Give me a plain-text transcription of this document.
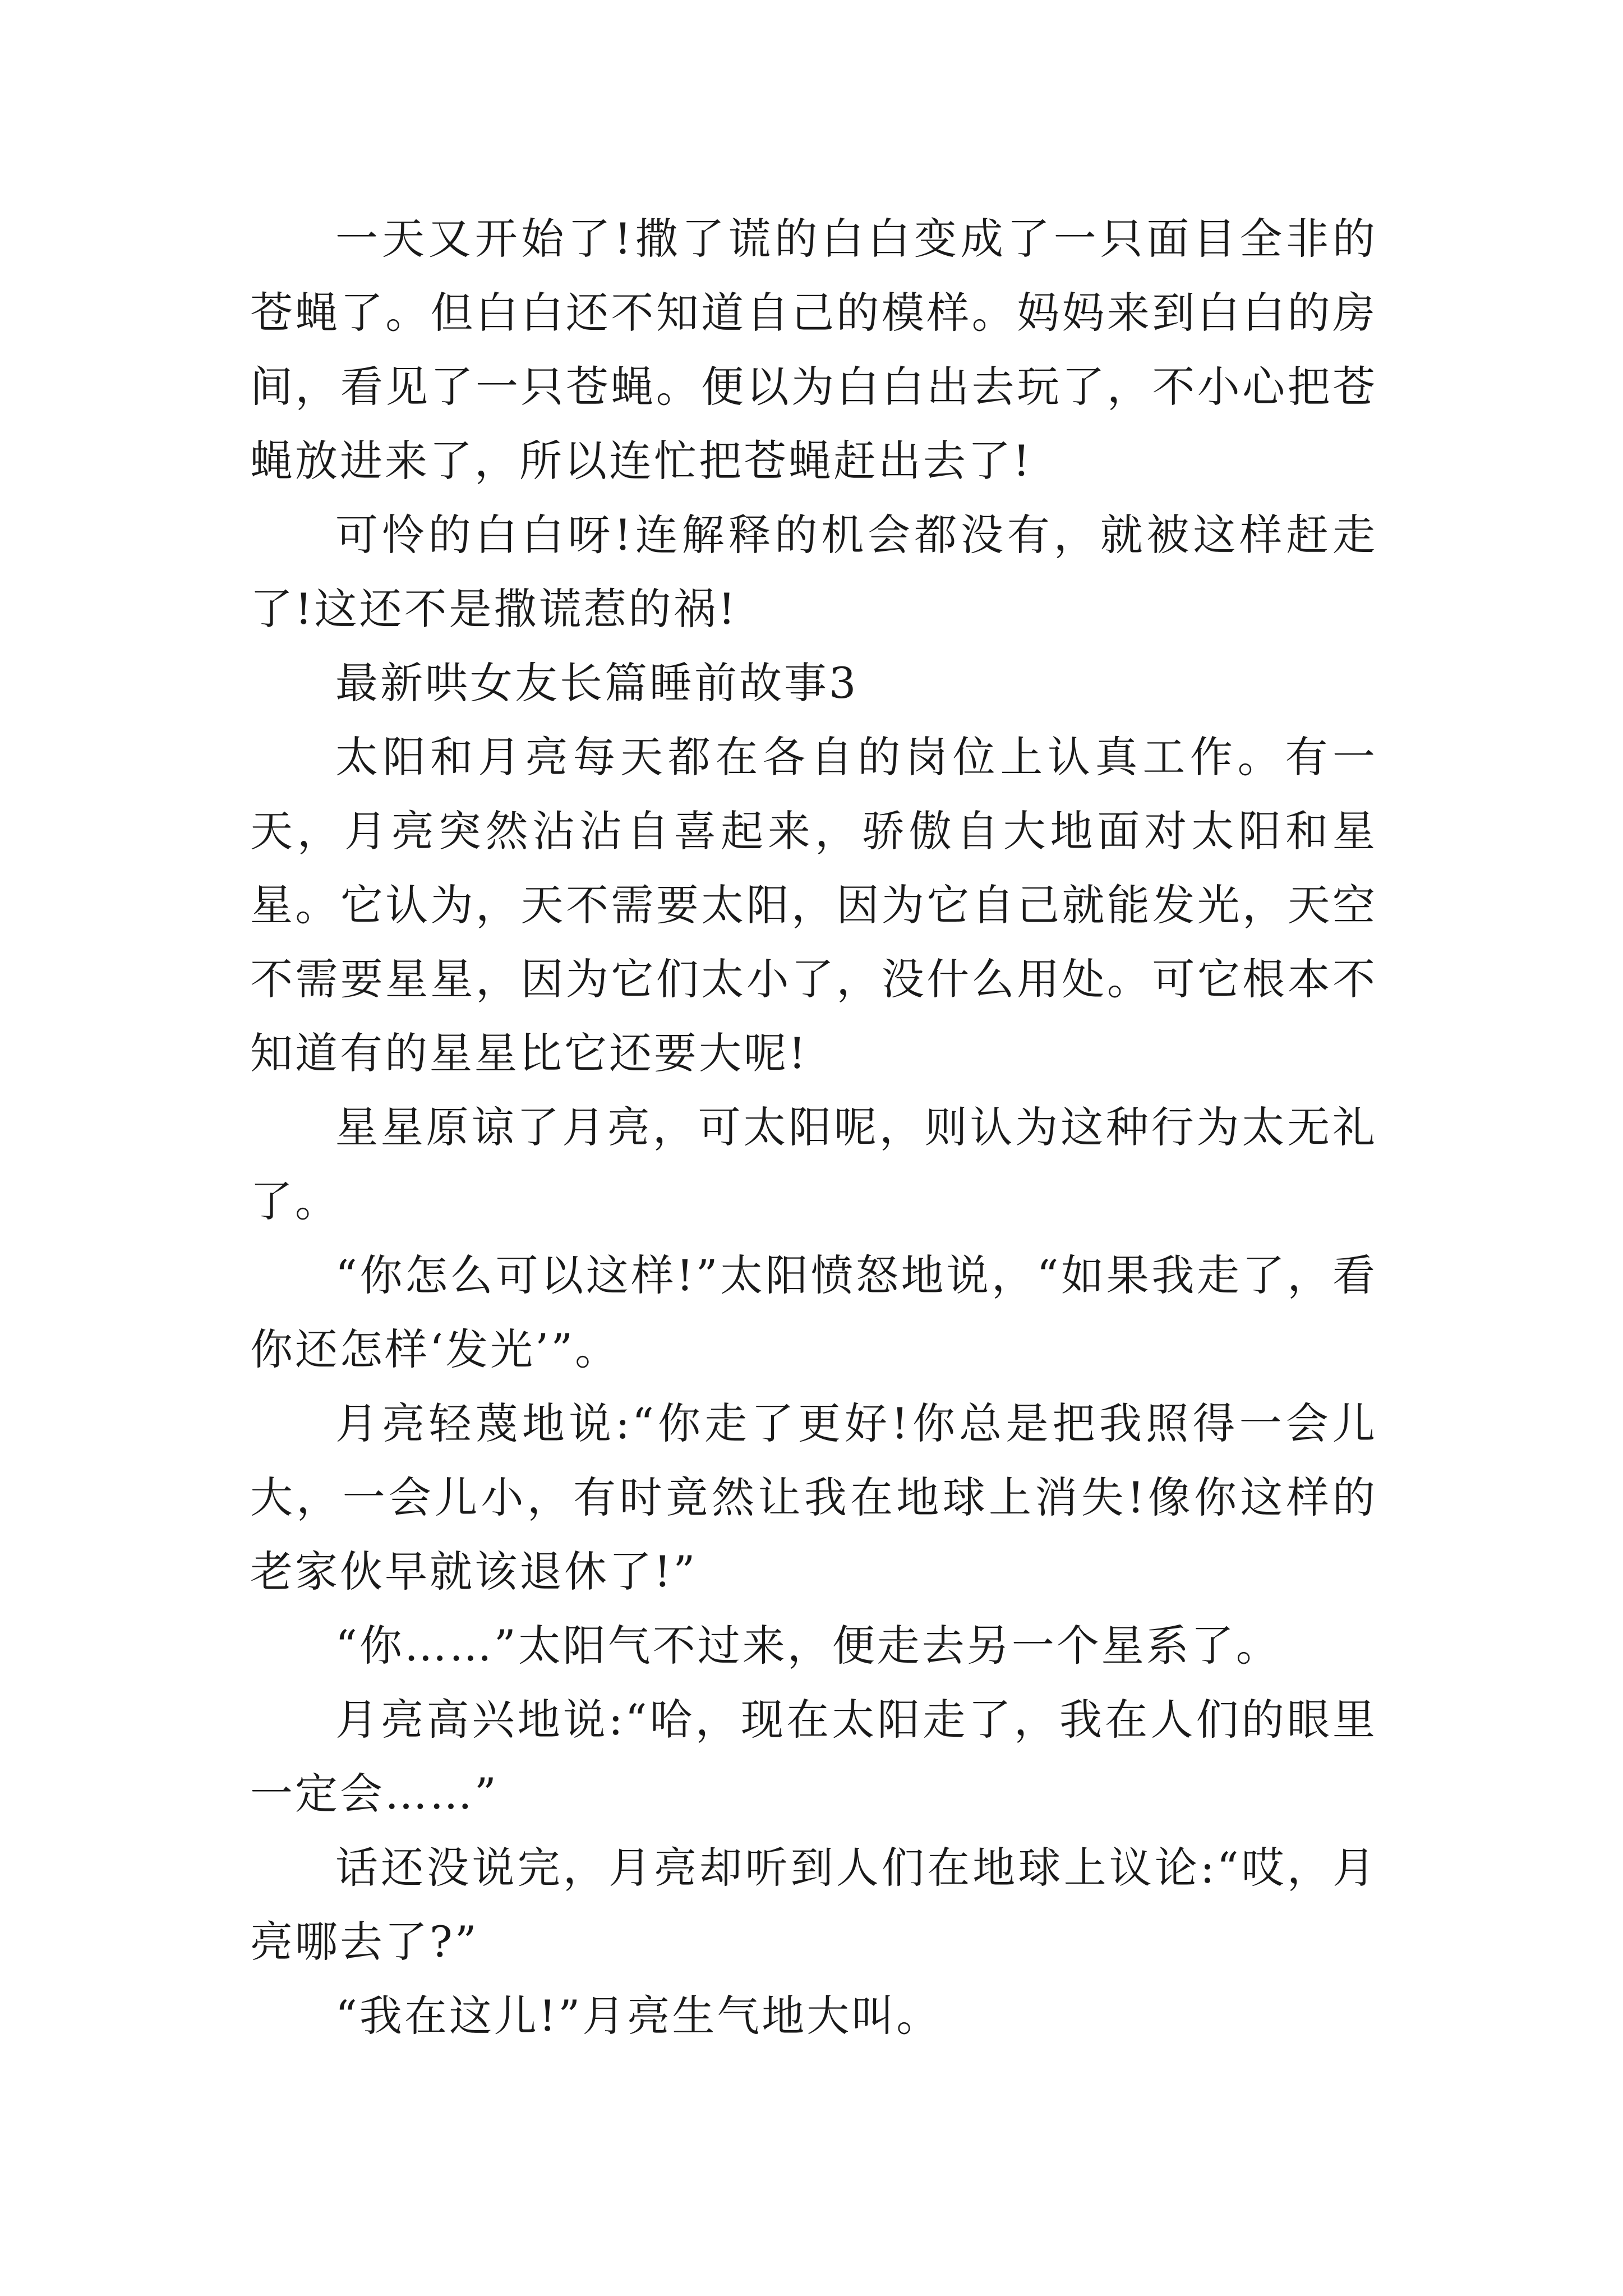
一天又开始了!撒了谎的白白变成了一只面目全非的苍蝇了。但白白还不知道自己的模样。妈妈来到白白的房间，看见了一只苍蝇。便以为白白出去玩了，不小心把苍蝇放进来了，所以连忙把苍蝇赶出去了!

可怜的白白呀!连解释的机会都没有，就被这样赶走了!这还不是撒谎惹的祸!

最新哄女友长篇睡前故事3

太阳和月亮每天都在各自的岗位上认真工作。有一天，月亮突然沾沾自喜起来，骄傲自大地面对太阳和星星。它认为，天不需要太阳，因为它自己就能发光，天空不需要星星，因为它们太小了，没什么用处。可它根本不知道有的星星比它还要大呢!

星星原谅了月亮，可太阳呢，则认为这种行为太无礼了。

“你怎么可以这样!”太阳愤怒地说，“如果我走了，看你还怎样‘发光’”。

月亮轻蔑地说:“你走了更好!你总是把我照得一会儿大，一会儿小，有时竟然让我在地球上消失!像你这样的老家伙早就该退休了!”

“你……”太阳气不过来，便走去另一个星系了。

月亮高兴地说:“哈，现在太阳走了，我在人们的眼里一定会……”

话还没说完，月亮却听到人们在地球上议论:“哎，月亮哪去了?”

“我在这儿!”月亮生气地大叫。
